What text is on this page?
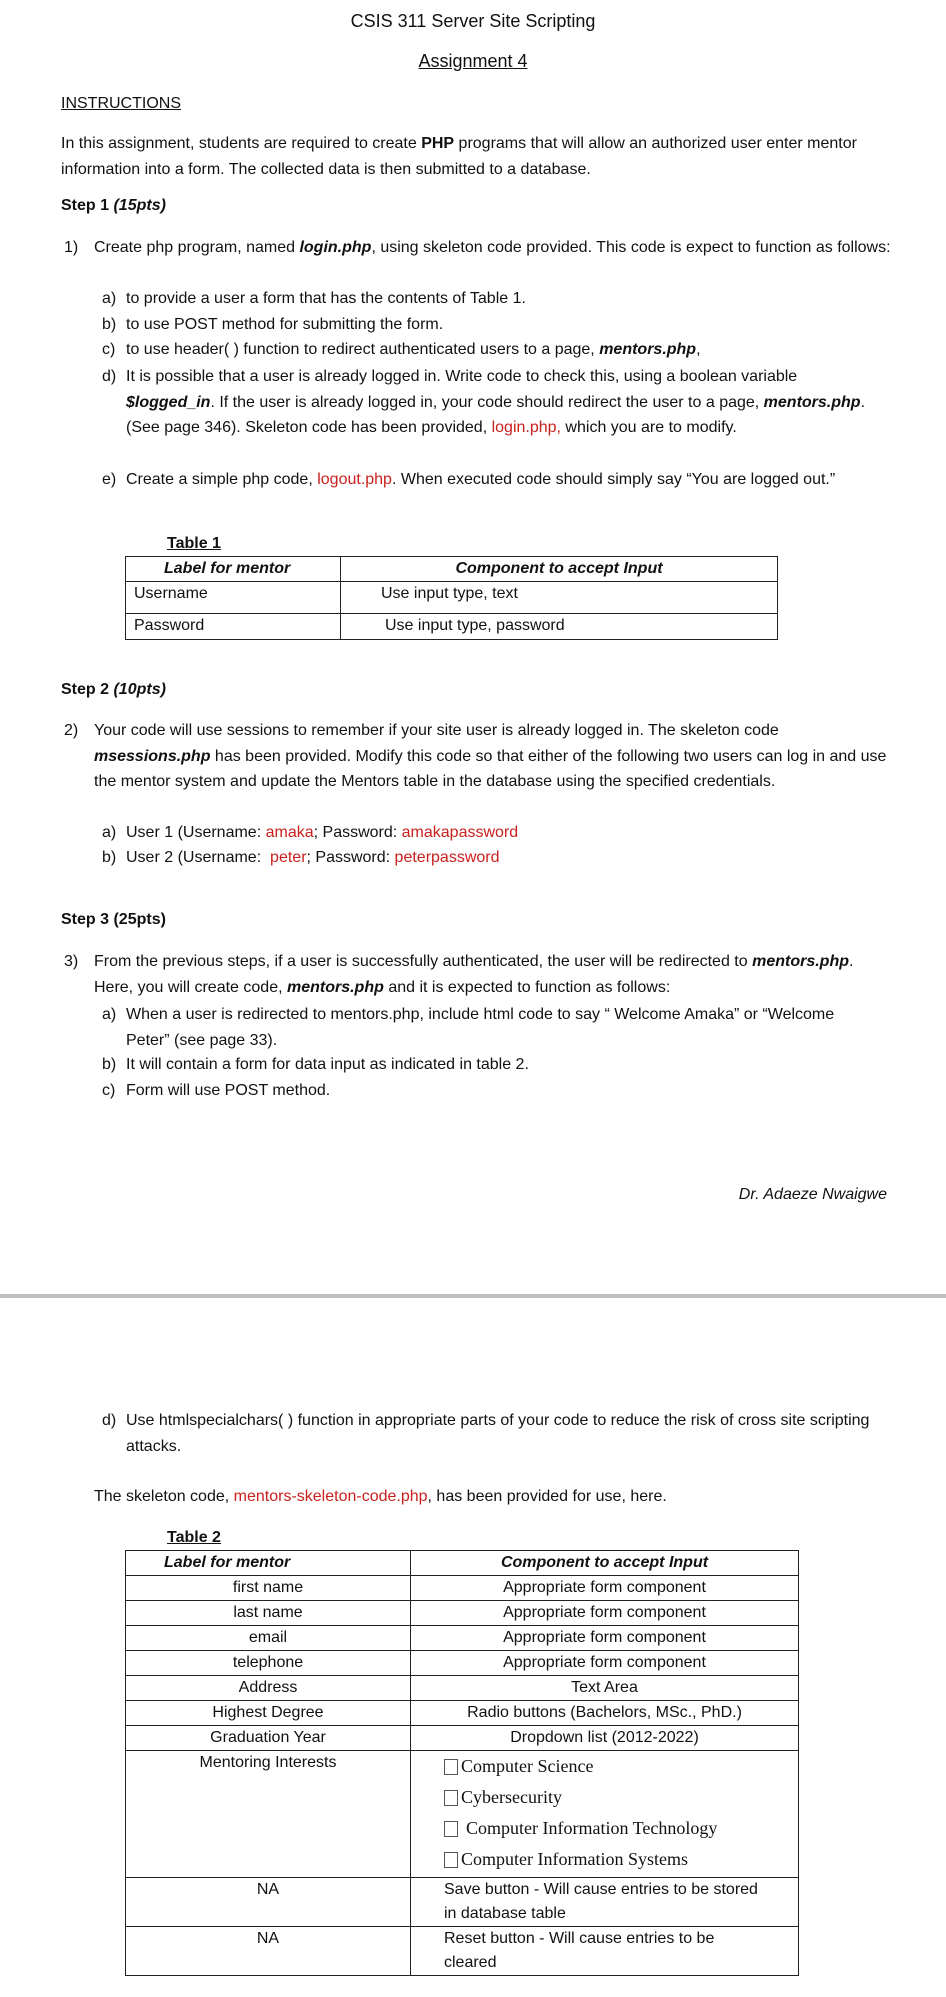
CSIS 311 Server Site Scripting
Assignment 4
INSTRUCTIONS
In this assignment, students are required to create PHP programs that will allow an authorized user enter mentor information into a form. The collected data is then submitted to a database.
Step 1 (15pts)
1) Create php program, named login.php, using skeleton code provided. This code is expect to function as follows:
a) to provide a user a form that has the contents of Table 1.
b) to use POST method for submitting the form.
c) to use header( ) function to redirect authenticated users to a page, mentors.php,
d) It is possible that a user is already logged in. Write code to check this, using a boolean variable $logged_in. If the user is already logged in, your code should redirect the user to a page, mentors.php. (See page 346). Skeleton code has been provided, login.php, which you are to modify.
e) Create a simple php code, logout.php. When executed code should simply say “You are logged out.”
Table 1
Label for mentor	Component to accept Input
Username	Use input type, text
Password	Use input type, password
Step 2 (10pts)
2) Your code will use sessions to remember if your site user is already logged in. The skeleton code msessions.php has been provided. Modify this code so that either of the following two users can log in and use the mentor system and update the Mentors table in the database using the specified credentials.
a) User 1 (Username: amaka; Password: amakapassword
b) User 2 (Username:  peter; Password: peterpassword
Step 3 (25pts)
3) From the previous steps, if a user is successfully authenticated, the user will be redirected to mentors.php. Here, you will create code, mentors.php and it is expected to function as follows:
a) When a user is redirected to mentors.php, include html code to say “ Welcome Amaka” or “Welcome Peter” (see page 33).
b) It will contain a form for data input as indicated in table 2.
c) Form will use POST method.
Dr. Adaeze Nwaigwe
d) Use htmlspecialchars( ) function in appropriate parts of your code to reduce the risk of cross site scripting attacks.
The skeleton code, mentors-skeleton-code.php, has been provided for use, here.
Table 2
Label for mentor	Component to accept Input
first name	Appropriate form component
last name	Appropriate form component
email	Appropriate form component
telephone	Appropriate form component
Address	Text Area
Highest Degree	Radio buttons (Bachelors, MSc., PhD.)
Graduation Year	Dropdown list (2012-2022)
Mentoring Interests	Computer Science
Cybersecurity
Computer Information Technology
Computer Information Systems

NA	Save button - Will cause entries to be stored in database table
NA	Reset button - Will cause entries to be cleared
